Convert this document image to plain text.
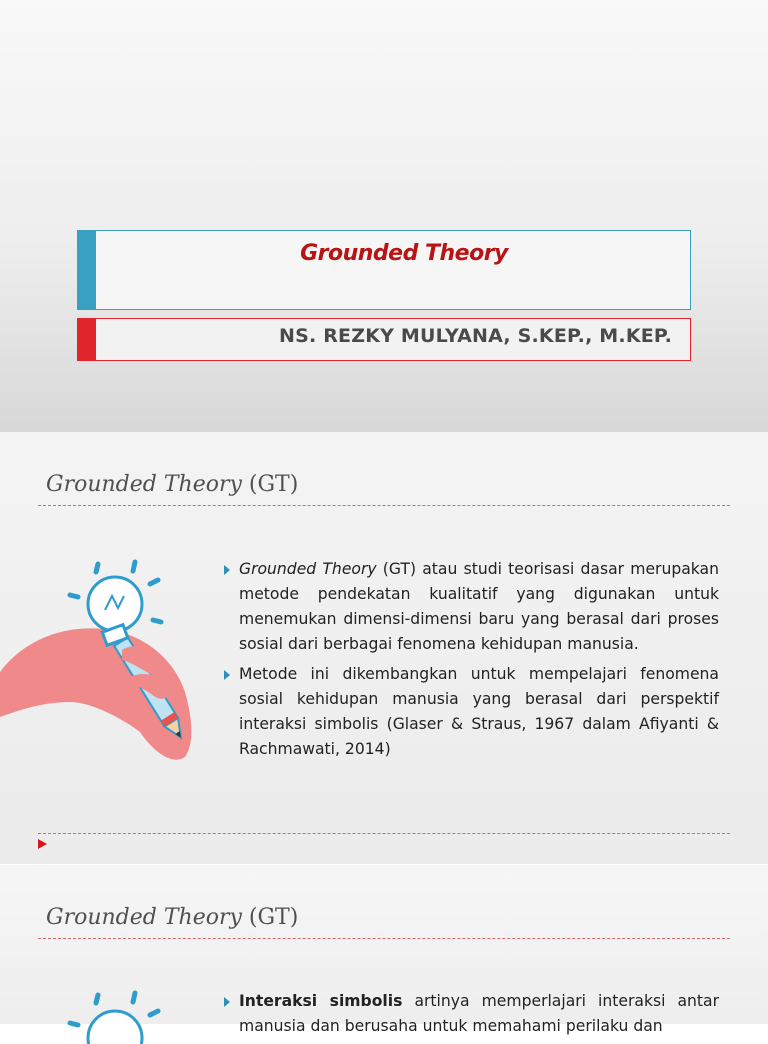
Grounded Theory
NS. REZKY MULYANA, S.KEP., M.KEP.
Grounded Theory (GT)
Grounded Theory (GT) atau studi teorisasi dasar merupakan metode pendekatan kualitatif yang digunakan untuk menemukan dimensi-dimensi baru yang berasal dari proses sosial dari berbagai fenomena kehidupan manusia.
Metode ini dikembangkan untuk mempelajari fenomena sosial kehidupan manusia yang berasal dari perspektif interaksi simbolis (Glaser & Straus, 1967 dalam Afiyanti & Rachmawati, 2014)
Grounded Theory (GT)
Interaksi simbolis artinya memperlajari interaksi antar manusia dan berusaha untuk memahami perilaku dan
